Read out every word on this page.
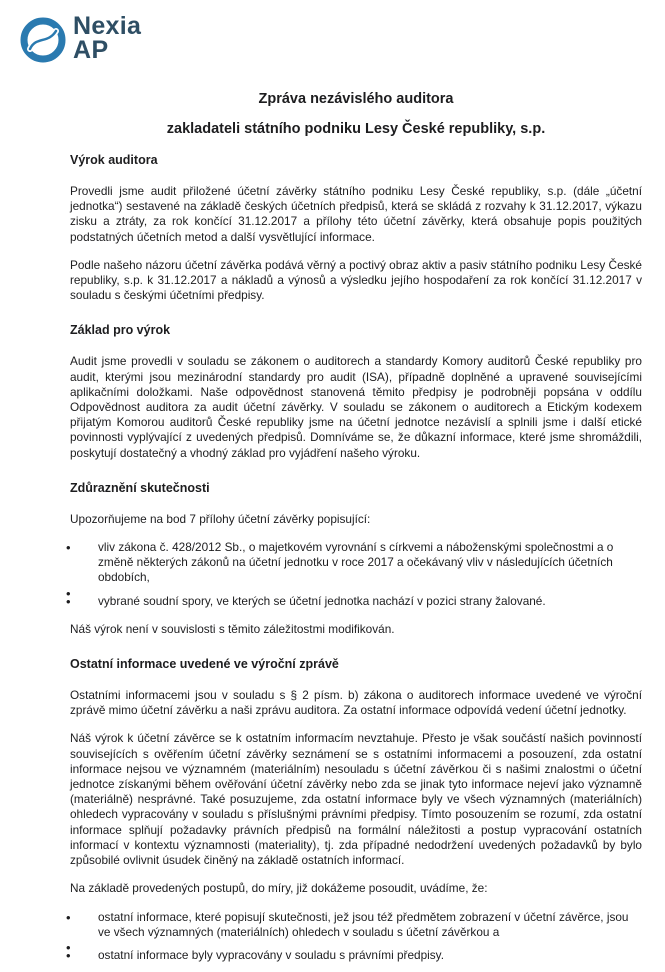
Nexia
AP
Zpráva nezávislého auditora
zakladateli státního podniku Lesy České republiky, s.p.
Výrok auditora

Provedli jsme audit přiložené účetní závěrky státního podniku Lesy České republiky, s.p. (dále „účetní jednotka“) sestavené na základě českých účetních předpisů, která se skládá z rozvahy k 31.12.2017, výkazu zisku a ztráty, za rok končící 31.12.2017 a přílohy této účetní závěrky, která obsahuje popis použitých podstatných účetních metod a další vysvětlující informace.

Podle našeho názoru účetní závěrka podává věrný a poctivý obraz aktiv a pasiv státního podniku Lesy České republiky, s.p. k 31.12.2017 a nákladů a výnosů a výsledku jejího hospodaření za rok končící 31.12.2017 v souladu s českými účetními předpisy.

Základ pro výrok

Audit jsme provedli v souladu se zákonem o auditorech a standardy Komory auditorů České republiky pro audit, kterými jsou mezinárodní standardy pro audit (ISA), případně doplněné a upravené souvisejícími aplikačními doložkami. Naše odpovědnost stanovená těmito předpisy je podrobněji popsána v oddílu Odpovědnost auditora za audit účetní závěrky. V souladu se zákonem o auditorech a Etickým kodexem přijatým Komorou auditorů České republiky jsme na účetní jednotce nezávislí a splnili jsme i další etické povinnosti vyplývající z uvedených předpisů. Domníváme se, že důkazní informace, které jsme shromáždili, poskytují dostatečný a vhodný základ pro vyjádření našeho výroku.

Zdůraznění skutečnosti

Upozorňujeme na bod 7 přílohy účetní závěrky popisující:

• vliv zákona č. 428/2012 Sb., o majetkovém vyrovnání s církvemi a náboženskými společnostmi a o změně některých zákonů na účetní jednotku v roce 2017 a očekávaný vliv v následujících účetních obdobích,
•
• vybrané soudní spory, ve kterých se účetní jednotka nachází v pozici strany žalované.

Náš výrok není v souvislosti s těmito záležitostmi modifikován.

Ostatní informace uvedené ve výroční zprávě

Ostatními informacemi jsou v souladu s § 2 písm. b) zákona o auditorech informace uvedené ve výroční zprávě mimo účetní závěrku a naši zprávu auditora. Za ostatní informace odpovídá vedení účetní jednotky.

Náš výrok k účetní závěrce se k ostatním informacím nevztahuje. Přesto je však součástí našich povinností souvisejících s ověřením účetní závěrky seznámení se s ostatními informacemi a posouzení, zda ostatní informace nejsou ve významném (materiálním) nesouladu s účetní závěrkou či s našimi znalostmi o účetní jednotce získanými během ověřování účetní závěrky nebo zda se jinak tyto informace nejeví jako významně (materiálně) nesprávné. Také posuzujeme, zda ostatní informace byly ve všech významných (materiálních) ohledech vypracovány v souladu s příslušnými právními předpisy. Tímto posouzením se rozumí, zda ostatní informace splňují požadavky právních předpisů na formální náležitosti a postup vypracování ostatních informací v kontextu významnosti (materiality), tj. zda případné nedodržení uvedených požadavků by bylo způsobilé ovlivnit úsudek činěný na základě ostatních informací.

Na základě provedených postupů, do míry, již dokážeme posoudit, uvádíme, že:

• ostatní informace, které popisují skutečnosti, jež jsou též předmětem zobrazení v účetní závěrce, jsou ve všech významných (materiálních) ohledech v souladu s účetní závěrkou a
•
• ostatní informace byly vypracovány v souladu s právními předpisy.
